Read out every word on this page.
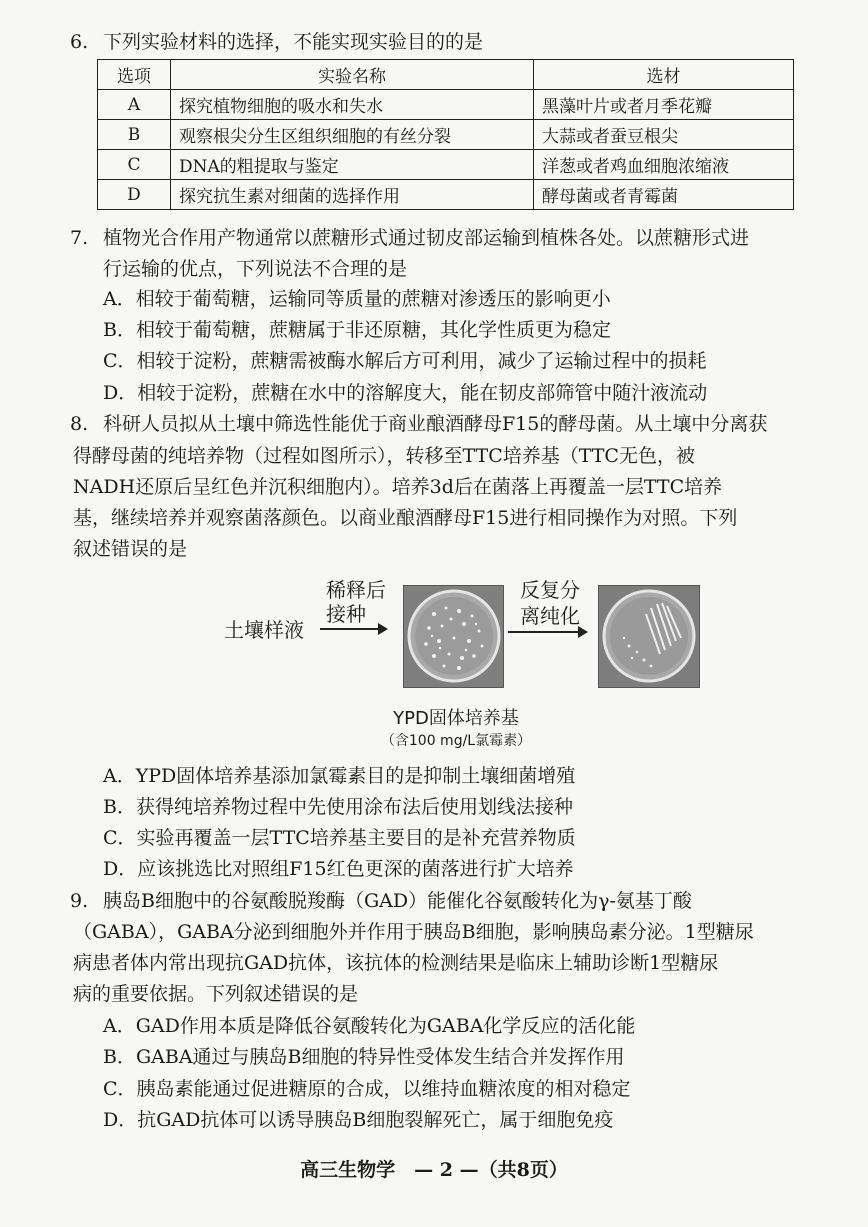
6. 下列实验材料的选择，不能实现实验目的的是
选项	实验名称	选材
A	探究植物细胞的吸水和失水	黑藻叶片或者月季花瓣
B	观察根尖分生区组织细胞的有丝分裂	大蒜或者蚕豆根尖
C	DNA的粗提取与鉴定	洋葱或者鸡血细胞浓缩液
D	探究抗生素对细菌的选择作用	酵母菌或者青霉菌
7. 植物光合作用产物通常以蔗糖形式通过韧皮部运输到植株各处。以蔗糖形式进
行运输的优点，下列说法不合理的是
A．相较于葡萄糖，运输同等质量的蔗糖对渗透压的影响更小
B．相较于葡萄糖，蔗糖属于非还原糖，其化学性质更为稳定
C．相较于淀粉，蔗糖需被酶水解后方可利用，减少了运输过程中的损耗
D．相较于淀粉，蔗糖在水中的溶解度大，能在韧皮部筛管中随汁液流动
8. 科研人员拟从土壤中筛选性能优于商业酿酒酵母F15的酵母菌。从土壤中分离获
得酵母菌的纯培养物（过程如图所示），转移至TTC培养基（TTC无色，被
NADH还原后呈红色并沉积细胞内）。培养3d后在菌落上再覆盖一层TTC培养
基，继续培养并观察菌落颜色。以商业酿酒酵母F15进行相同操作为对照。下列
叙述错误的是
土壤样液
稀释后
接种
反复分
离纯化
YPD固体培养基
（含100 mg/L氯霉素）
A．YPD固体培养基添加氯霉素目的是抑制土壤细菌增殖
B．获得纯培养物过程中先使用涂布法后使用划线法接种
C．实验再覆盖一层TTC培养基主要目的是补充营养物质
D．应该挑选比对照组F15红色更深的菌落进行扩大培养
9. 胰岛B细胞中的谷氨酸脱羧酶（GAD）能催化谷氨酸转化为γ-氨基丁酸
（GABA），GABA分泌到细胞外并作用于胰岛B细胞，影响胰岛素分泌。1型糖尿
病患者体内常出现抗GAD抗体，该抗体的检测结果是临床上辅助诊断1型糖尿
病的重要依据。下列叙述错误的是
A．GAD作用本质是降低谷氨酸转化为GABA化学反应的活化能
B．GABA通过与胰岛B细胞的特异性受体发生结合并发挥作用
C．胰岛素能通过促进糖原的合成，以维持血糖浓度的相对稳定
D．抗GAD抗体可以诱导胰岛B细胞裂解死亡，属于细胞免疫
高三生物学　— 2 —（共8页）
